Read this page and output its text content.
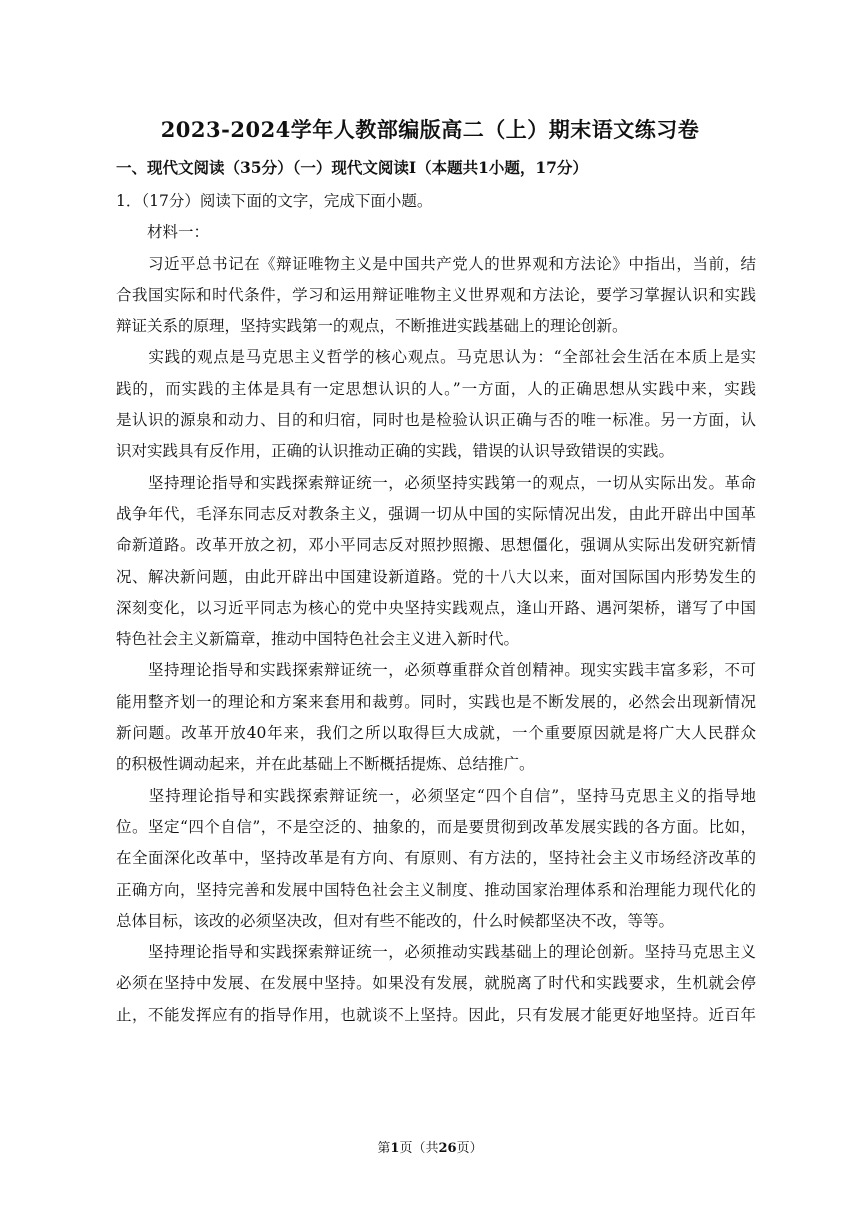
2023-2024学年人教部编版高二（上）期末语文练习卷
一、现代文阅读（35分）（一）现代文阅读Ⅰ（本题共1小题，17分）
1．（17分）阅读下面的文字，完成下面小题。
　　材料一：
　　习近平总书记在《辩证唯物主义是中国共产党人的世界观和方法论》中指出，当前，结
合我国实际和时代条件，学习和运用辩证唯物主义世界观和方法论，要学习掌握认识和实践
辩证关系的原理，坚持实践第一的观点，不断推进实践基础上的理论创新。
　　实践的观点是马克思主义哲学的核心观点。马克思认为：“全部社会生活在本质上是实
践的，而实践的主体是具有一定思想认识的人。”一方面，人的正确思想从实践中来，实践
是认识的源泉和动力、目的和归宿，同时也是检验认识正确与否的唯一标准。另一方面，认
识对实践具有反作用，正确的认识推动正确的实践，错误的认识导致错误的实践。
　　坚持理论指导和实践探索辩证统一，必须坚持实践第一的观点，一切从实际出发。革命
战争年代，毛泽东同志反对教条主义，强调一切从中国的实际情况出发，由此开辟出中国革
命新道路。改革开放之初，邓小平同志反对照抄照搬、思想僵化，强调从实际出发研究新情
况、解决新问题，由此开辟出中国建设新道路。党的十八大以来，面对国际国内形势发生的
深刻变化，以习近平同志为核心的党中央坚持实践观点，逢山开路、遇河架桥，谱写了中国
特色社会主义新篇章，推动中国特色社会主义进入新时代。
　　坚持理论指导和实践探索辩证统一，必须尊重群众首创精神。现实实践丰富多彩，不可
能用整齐划一的理论和方案来套用和裁剪。同时，实践也是不断发展的，必然会出现新情况
新问题。改革开放40年来，我们之所以取得巨大成就，一个重要原因就是将广大人民群众
的积极性调动起来，并在此基础上不断概括提炼、总结推广。
　　坚持理论指导和实践探索辩证统一，必须坚定“四个自信”，坚持马克思主义的指导地
位。坚定“四个自信”，不是空泛的、抽象的，而是要贯彻到改革发展实践的各方面。比如，
在全面深化改革中，坚持改革是有方向、有原则、有方法的，坚持社会主义市场经济改革的
正确方向，坚持完善和发展中国特色社会主义制度、推动国家治理体系和治理能力现代化的
总体目标，该改的必须坚决改，但对有些不能改的，什么时候都坚决不改，等等。
　　坚持理论指导和实践探索辩证统一，必须推动实践基础上的理论创新。坚持马克思主义
必须在坚持中发展、在发展中坚持。如果没有发展，就脱离了时代和实践要求，生机就会停
止，不能发挥应有的指导作用，也就谈不上坚持。因此，只有发展才能更好地坚持。近百年
第1页（共26页）
